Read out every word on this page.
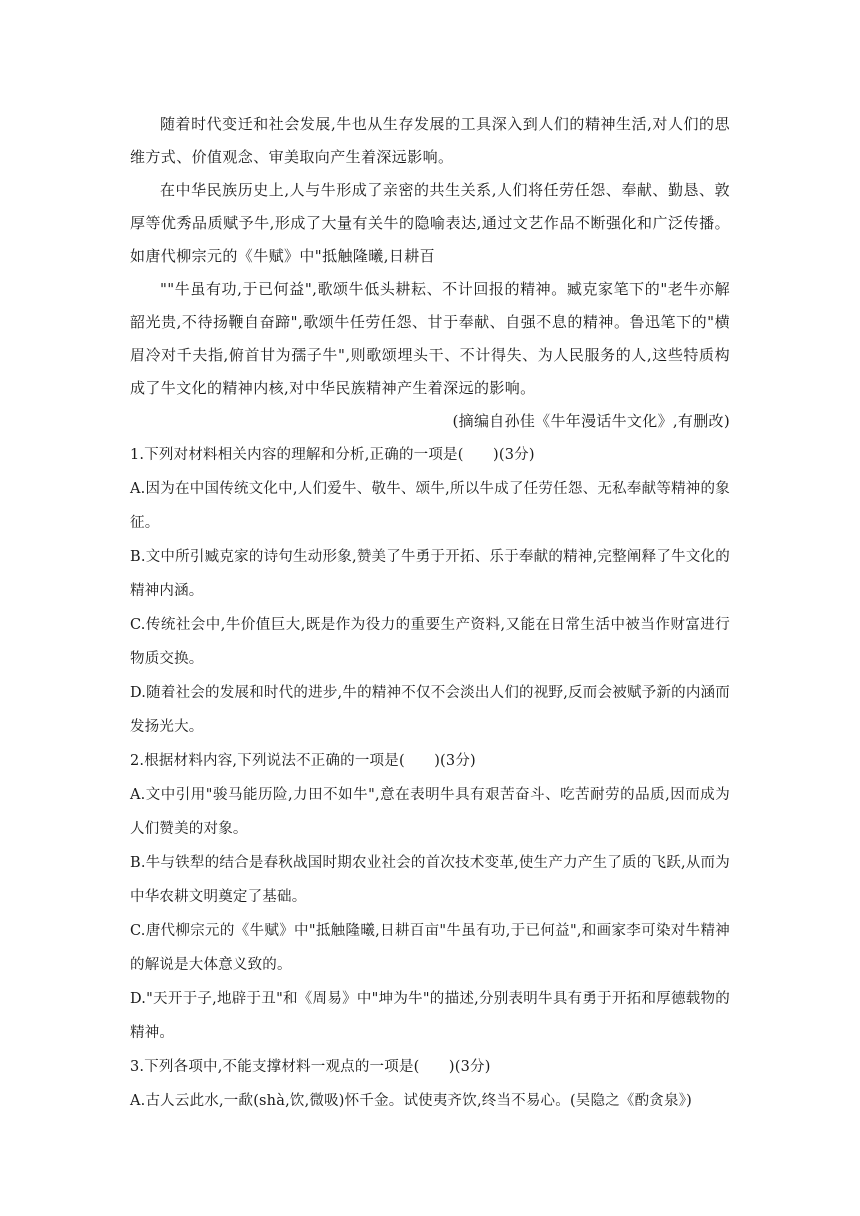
随着时代变迁和社会发展,牛也从生存发展的工具深入到人们的精神生活,对人们的思维方式、价值观念、审美取向产生着深远影响。

在中华民族历史上,人与牛形成了亲密的共生关系,人们将任劳任怨、奉献、勤恳、敦厚等优秀品质赋予牛,形成了大量有关牛的隐喻表达,通过文艺作品不断强化和广泛传播。如唐代柳宗元的《牛赋》中"抵触隆曦,日耕百

""牛虽有功,于已何益",歌颂牛低头耕耘、不计回报的精神。臧克家笔下的"老牛亦解韶光贵,不待扬鞭自奋蹄",歌颂牛任劳任怨、甘于奉献、自强不息的精神。鲁迅笔下的"横眉冷对千夫指,俯首甘为孺子牛",则歌颂埋头干、不计得失、为人民服务的人,这些特质构成了牛文化的精神内核,对中华民族精神产生着深远的影响。

(摘编自孙佳《牛年漫话牛文化》,有删改)

1.下列对材料相关内容的理解和分析,正确的一项是(　　)(3分)

A.因为在中国传统文化中,人们爱牛、敬牛、颂牛,所以牛成了任劳任怨、无私奉献等精神的象征。

B.文中所引臧克家的诗句生动形象,赞美了牛勇于开拓、乐于奉献的精神,完整阐释了牛文化的精神内涵。

C.传统社会中,牛价值巨大,既是作为役力的重要生产资料,又能在日常生活中被当作财富进行物质交换。

D.随着社会的发展和时代的进步,牛的精神不仅不会淡出人们的视野,反而会被赋予新的内涵而发扬光大。

2.根据材料内容,下列说法不正确的一项是(　　)(3分)

A.文中引用"骏马能历险,力田不如牛",意在表明牛具有艰苦奋斗、吃苦耐劳的品质,因而成为人们赞美的对象。

B.牛与铁犁的结合是春秋战国时期农业社会的首次技术变革,使生产力产生了质的飞跃,从而为中华农耕文明奠定了基础。

C.唐代柳宗元的《牛赋》中"抵触隆曦,日耕百亩"牛虽有功,于已何益",和画家李可染对牛精神的解说是大体意义致的。

D."天开于子,地辟于丑"和《周易》中"坤为牛"的描述,分别表明牛具有勇于开拓和厚德载物的精神。

3.下列各项中,不能支撑材料一观点的一项是(　　)(3分)

A.古人云此水,一歃(shà,饮,微吸)怀千金。试使夷齐饮,终当不易心。(吴隐之《酌贪泉》)
